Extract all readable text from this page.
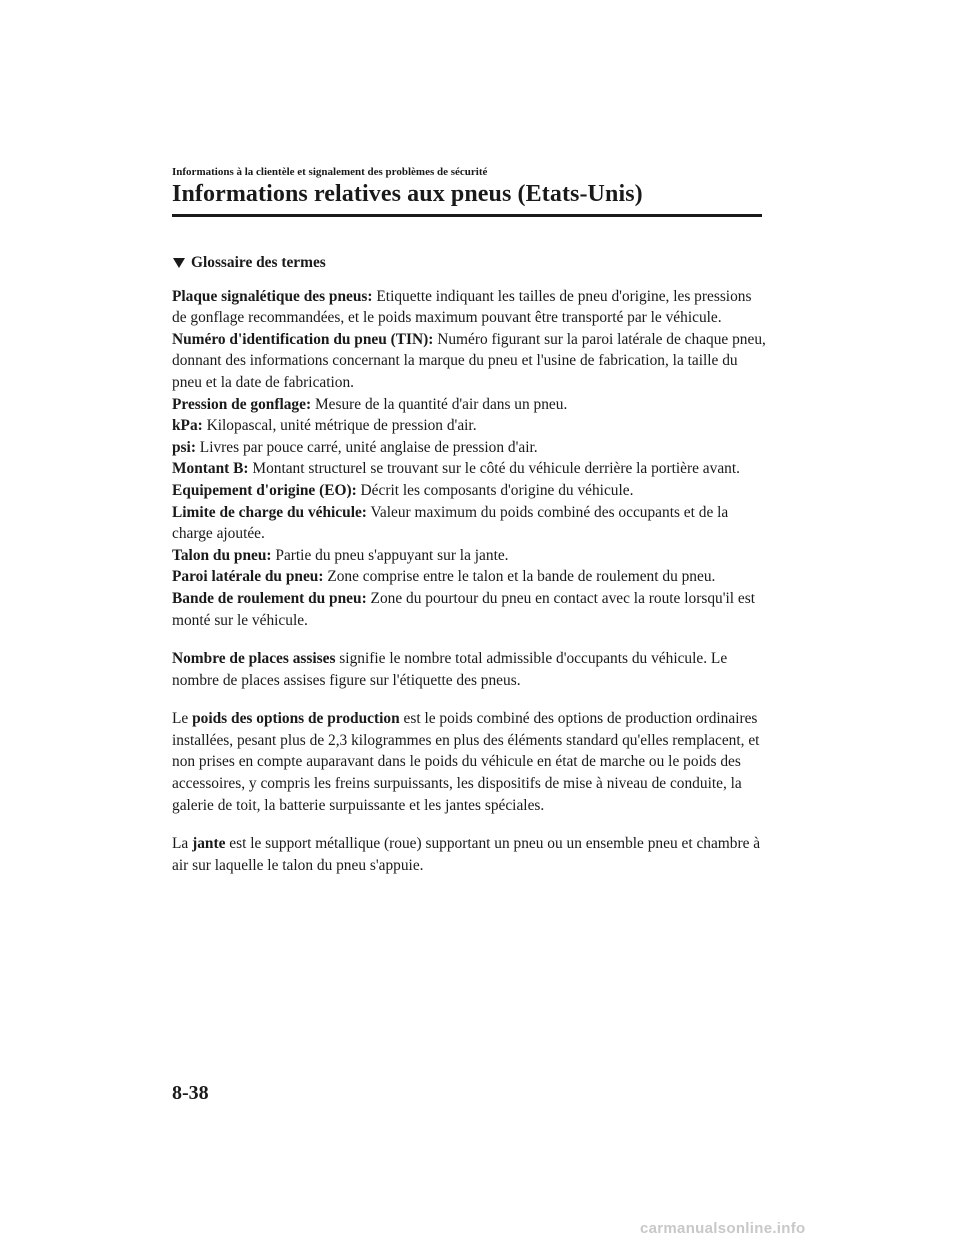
Informations à la clientèle et signalement des problèmes de sécurité
Informations relatives aux pneus (Etats-Unis)
Glossaire des termes

Plaque signalétique des pneus: Etiquette indiquant les tailles de pneu d'origine, les pressions de gonflage recommandées, et le poids maximum pouvant être transporté par le véhicule.

Numéro d'identification du pneu (TIN): Numéro figurant sur la paroi latérale de chaque pneu, donnant des informations concernant la marque du pneu et l'usine de fabrication, la taille du pneu et la date de fabrication.

Pression de gonflage: Mesure de la quantité d'air dans un pneu.

kPa: Kilopascal, unité métrique de pression d'air.

psi: Livres par pouce carré, unité anglaise de pression d'air.

Montant B: Montant structurel se trouvant sur le côté du véhicule derrière la portière avant.

Equipement d'origine (EO): Décrit les composants d'origine du véhicule.

Limite de charge du véhicule: Valeur maximum du poids combiné des occupants et de la charge ajoutée.

Talon du pneu: Partie du pneu s'appuyant sur la jante.

Paroi latérale du pneu: Zone comprise entre le talon et la bande de roulement du pneu.

Bande de roulement du pneu: Zone du pourtour du pneu en contact avec la route lorsqu'il est monté sur le véhicule.

Nombre de places assises signifie le nombre total admissible d'occupants du véhicule. Le nombre de places assises figure sur l'étiquette des pneus.

Le poids des options de production est le poids combiné des options de production ordinaires installées, pesant plus de 2,3 kilogrammes en plus des éléments standard qu'elles remplacent, et non prises en compte auparavant dans le poids du véhicule en état de marche ou le poids des accessoires, y compris les freins surpuissants, les dispositifs de mise à niveau de conduite, la galerie de toit, la batterie surpuissante et les jantes spéciales.

La jante est le support métallique (roue) supportant un pneu ou un ensemble pneu et chambre à air sur laquelle le talon du pneu s'appuie.

8-38
carmanualsonline.info
